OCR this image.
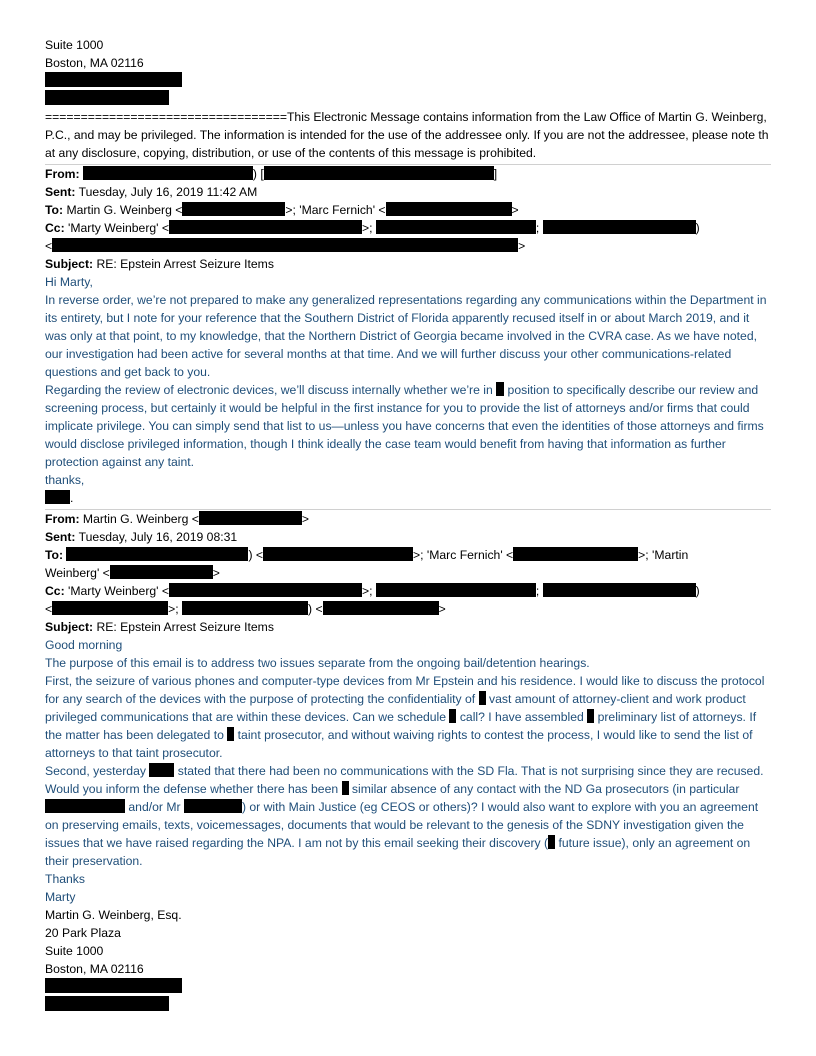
Suite 1000
Boston, MA 02116
==================================This Electronic Message contains information from the Law Office of Martin G. Weinberg, P.C., and may be privileged. The information is intended for the use of the addressee only. If you are not the addressee, please note that any disclosure, copying, distribution, or use of the contents of this message is prohibited.
From:	) [	]
Sent: Tuesday, July 16, 2019 11:42 AM
To: Martin G. Weinberg <	>; 'Marc Fernich' <	>
Cc: 'Marty Weinberg' <	>;	;	)
<	>
Subject: RE: Epstein Arrest Seizure Items
Hi Marty,
In reverse order, we’re not prepared to make any generalized representations regarding any communications within the Department in its entirety, but I note for your reference that the Southern District of Florida apparently recused itself in or about March 2019, and it was only at that point, to my knowledge, that the Northern District of Georgia became involved in the CVRA case. As we have noted, our investigation had been active for several months at that time. And we will further discuss your other communications-related questions and get back to you.
Regarding the review of electronic devices, we’ll discuss internally whether we’re in position to specifically describe our review and screening process, but certainly it would be helpful in the first instance for you to provide the list of attorneys and/or firms that could implicate privilege. You can simply send that list to us—unless you have concerns that even the identities of those attorneys and firms would disclose privileged information, though I think ideally the case team would benefit from having that information as further protection against any taint.
thanks,
.
From: Martin G. Weinberg <	>
Sent: Tuesday, July 16, 2019 08:31
To:	) <	>; 'Marc Fernich' <	>; 'Martin
Weinberg' <	>
Cc: 'Marty Weinberg' <	>;	;	)
<	>;	) <	>
Subject: RE: Epstein Arrest Seizure Items
Good morning
The purpose of this email is to address two issues separate from the ongoing bail/detention hearings.
First, the seizure of various phones and computer-type devices from Mr Epstein and his residence. I would like to discuss the protocol for any search of the devices with the purpose of protecting the confidentiality of vast amount of attorney-client and work product privileged communications that are within these devices. Can we schedule call? I have assembled preliminary list of attorneys. If the matter has been delegated to taint prosecutor, and without waiving rights to contest the process, I would like to send the list of attorneys to that taint prosecutor.
Second, yesterday	stated that there had been no communications with the SD Fla. That is not surprising since they are recused. Would you inform the defense whether there has been similar absence of any contact with the ND Ga prosecutors (in particular and/or Mr	) or with Main Justice (eg CEOS or others)? I would also want to explore with you an agreement on preserving emails, texts, voicemessages, documents that would be relevant to the genesis of the SDNY investigation given the issues that we have raised regarding the NPA. I am not by this email seeking their discovery ( future issue), only an agreement on their preservation.
Thanks
Marty
Martin G. Weinberg, Esq.
20 Park Plaza
Suite 1000
Boston, MA 02116
